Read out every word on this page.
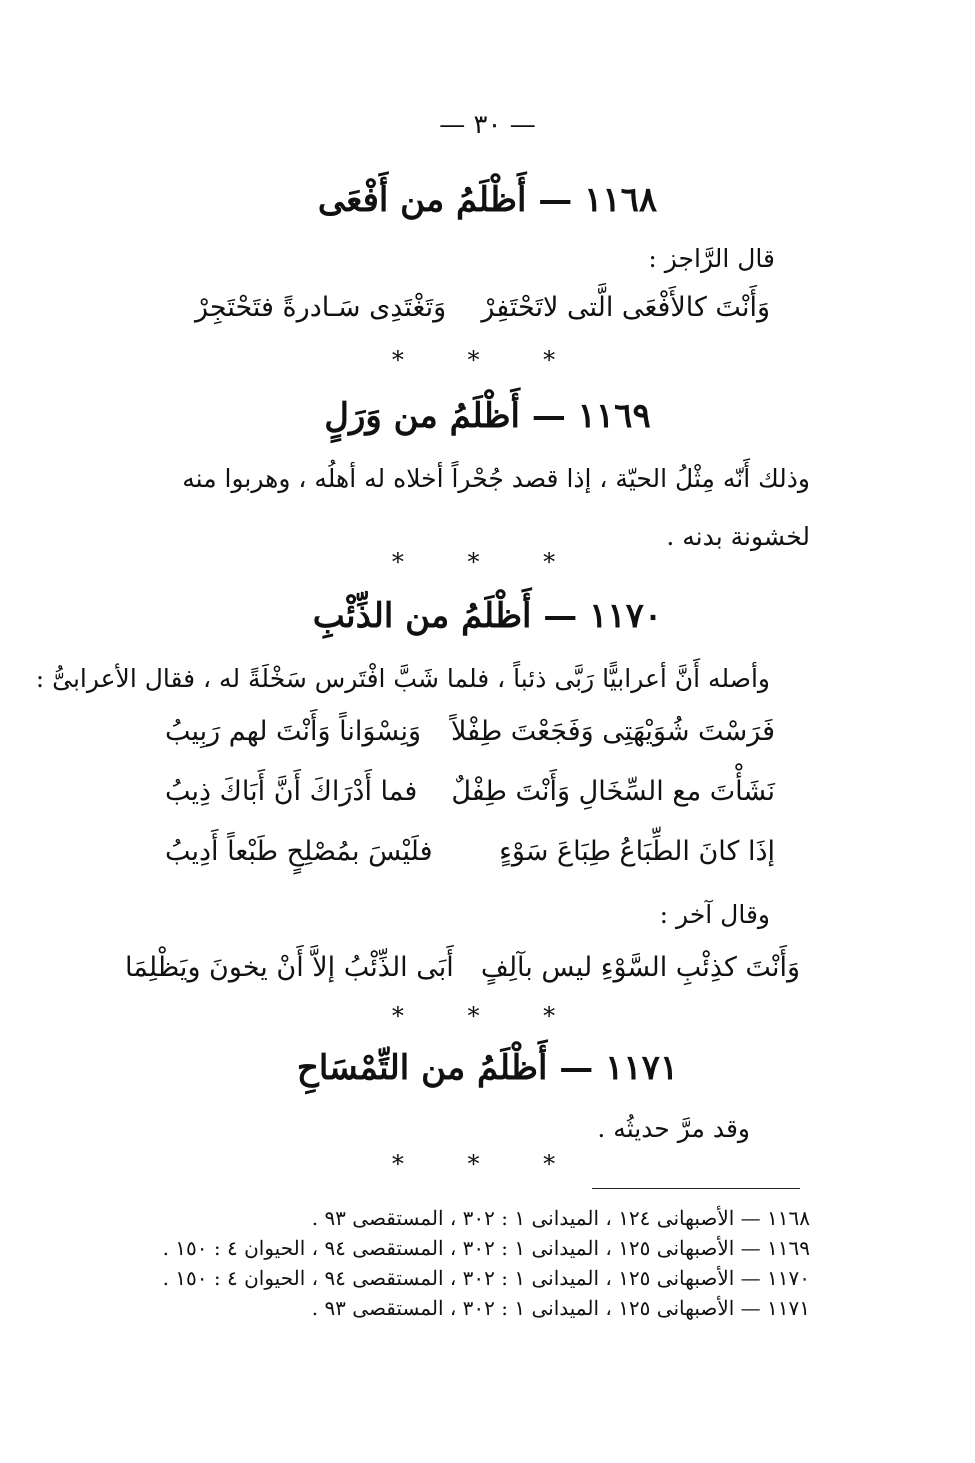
— ٣٠ —
١١٦٨ — أَظْلَمُ من أَفْعَى
قال الرَّاجز :
وَأَنْتَ كالأَفْعَى الَّتى لاتَحْتَفِرْ
وَتَغْتَدِى سَـادرةً فتَحْتَجِرْ
* * *
١١٦٩ — أَظْلَمُ من وَرَلٍ
وذلك أَنّه مِثْلُ الحيّة ، إذا قصد جُحْراً أخلاه له أهلُه ، وهربوا منه
لخشونة بدنه .
* * *
١١٧٠ — أَظْلَمُ من الذِّئْبِ
وأصله أَنَّ أعرابيًّا رَبَّى ذئباً ، فلما شَبَّ افْتَرس سَخْلَةً له ، فقال الأعرابىُّ :
فَرَسْتَ شُوَيْهَتِى وَفَجَعْتَ طِفْلاً
وَنِسْوَاناً وَأَنْتَ لهم رَبِيبُ
نَشَأْتَ مع السِّخَالِ وَأَنْتَ طِفْلٌ
فما أَدْرَاكَ أَنَّ أَبَاكَ ذِيبُ
إذَا كانَ الطِّبَاعُ طِبَاعَ سَوْءٍ
فلَيْسَ بمُصْلِحٍ طَبْعاً أَدِيبُ
وقال آخر :
وَأَنْتَ كذِئْبِ السَّوْءِ ليس بآلِفٍ
أَبَى الذِّئْبُ إلاَّ أَنْ يخونَ ويَظْلِمَا
* * *
١١٧١ — أَظْلَمُ من التِّمْسَاحِ
وقد مرَّ حديثُه .
* * *
١١٦٨ — الأصبهانى ١٢٤ ، الميدانى ١ : ٣٠٢ ، المستقصى ٩٣ .
١١٦٩ — الأصبهانى ١٢٥ ، الميدانى ١ : ٣٠٢ ، المستقصى ٩٤ ، الحيوان ٤ : ١٥٠ .
١١٧٠ — الأصبهانى ١٢٥ ، الميدانى ١ : ٣٠٢ ، المستقصى ٩٤ ، الحيوان ٤ : ١٥٠ .
١١٧١ — الأصبهانى ١٢٥ ، الميدانى ١ : ٣٠٢ ، المستقصى ٩٣ .
